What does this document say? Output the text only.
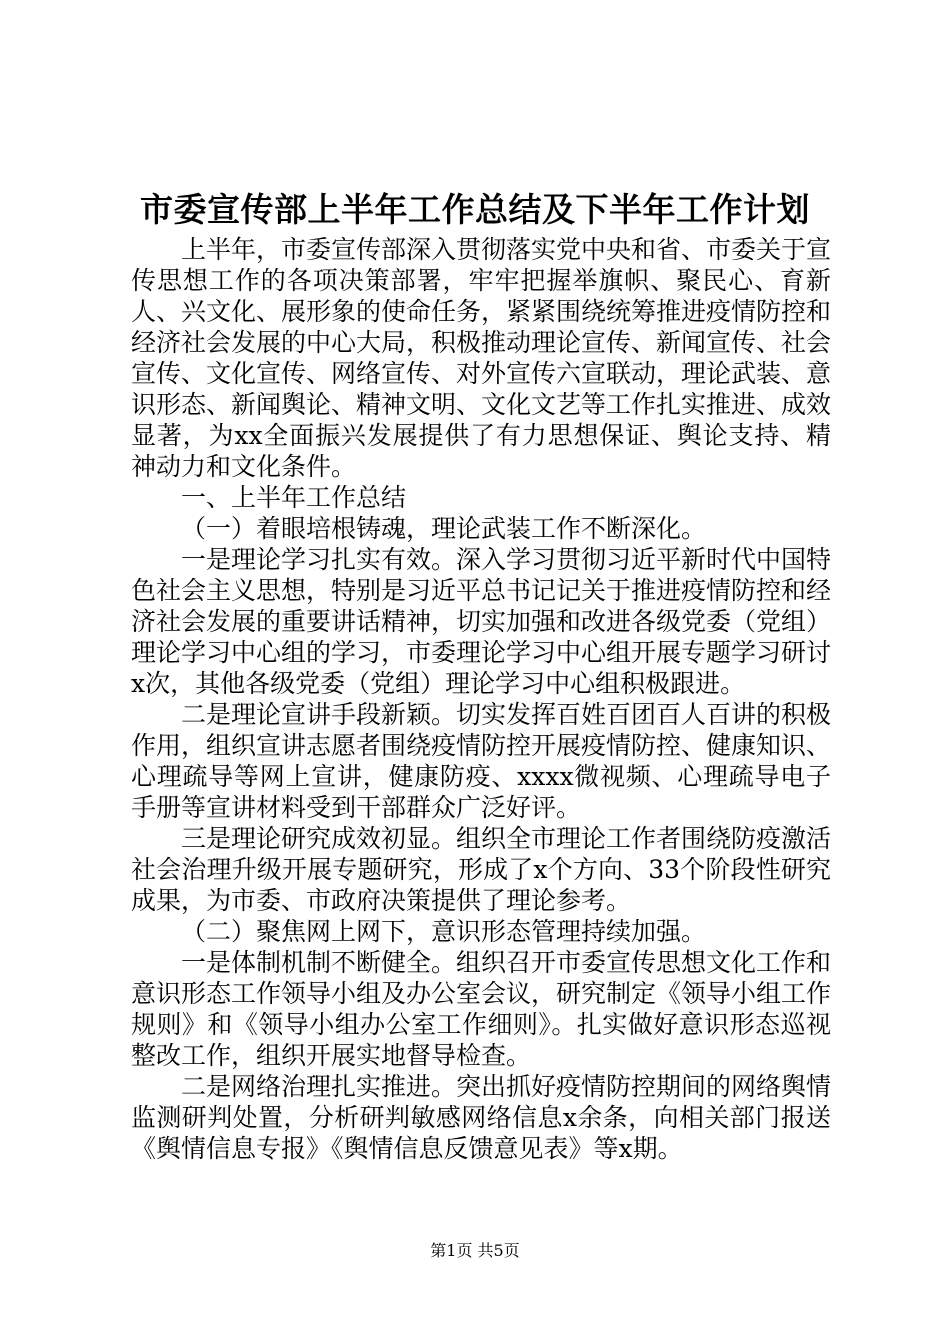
市委宣传部上半年工作总结及下半年工作计划

上半年，市委宣传部深入贯彻落实党中央和省、市委关于宣传思想工作的各项决策部署，牢牢把握举旗帜、聚民心、育新人、兴文化、展形象的使命任务，紧紧围绕统筹推进疫情防控和经济社会发展的中心大局，积极推动理论宣传、新闻宣传、社会宣传、文化宣传、网络宣传、对外宣传六宣联动，理论武装、意识形态、新闻舆论、精神文明、文化文艺等工作扎实推进、成效显著，为xx全面振兴发展提供了有力思想保证、舆论支持、精神动力和文化条件。

一、上半年工作总结

（一）着眼培根铸魂，理论武装工作不断深化。

一是理论学习扎实有效。深入学习贯彻习近平新时代中国特色社会主义思想，特别是习近平总书记记关于推进疫情防控和经济社会发展的重要讲话精神，切实加强和改进各级党委（党组）理论学习中心组的学习，市委理论学习中心组开展专题学习研讨x次，其他各级党委（党组）理论学习中心组积极跟进。

二是理论宣讲手段新颖。切实发挥百姓百团百人百讲的积极作用，组织宣讲志愿者围绕疫情防控开展疫情防控、健康知识、心理疏导等网上宣讲，健康防疫、xxxx微视频、心理疏导电子手册等宣讲材料受到干部群众广泛好评。

三是理论研究成效初显。组织全市理论工作者围绕防疫激活社会治理升级开展专题研究，形成了x个方向、33个阶段性研究成果，为市委、市政府决策提供了理论参考。

（二）聚焦网上网下，意识形态管理持续加强。

一是体制机制不断健全。组织召开市委宣传思想文化工作和意识形态工作领导小组及办公室会议，研究制定《领导小组工作规则》和《领导小组办公室工作细则》。扎实做好意识形态巡视整改工作，组织开展实地督导检查。

二是网络治理扎实推进。突出抓好疫情防控期间的网络舆情监测研判处置，分析研判敏感网络信息x余条，向相关部门报送《舆情信息专报》《舆情信息反馈意见表》等x期。

第1页 共5页
